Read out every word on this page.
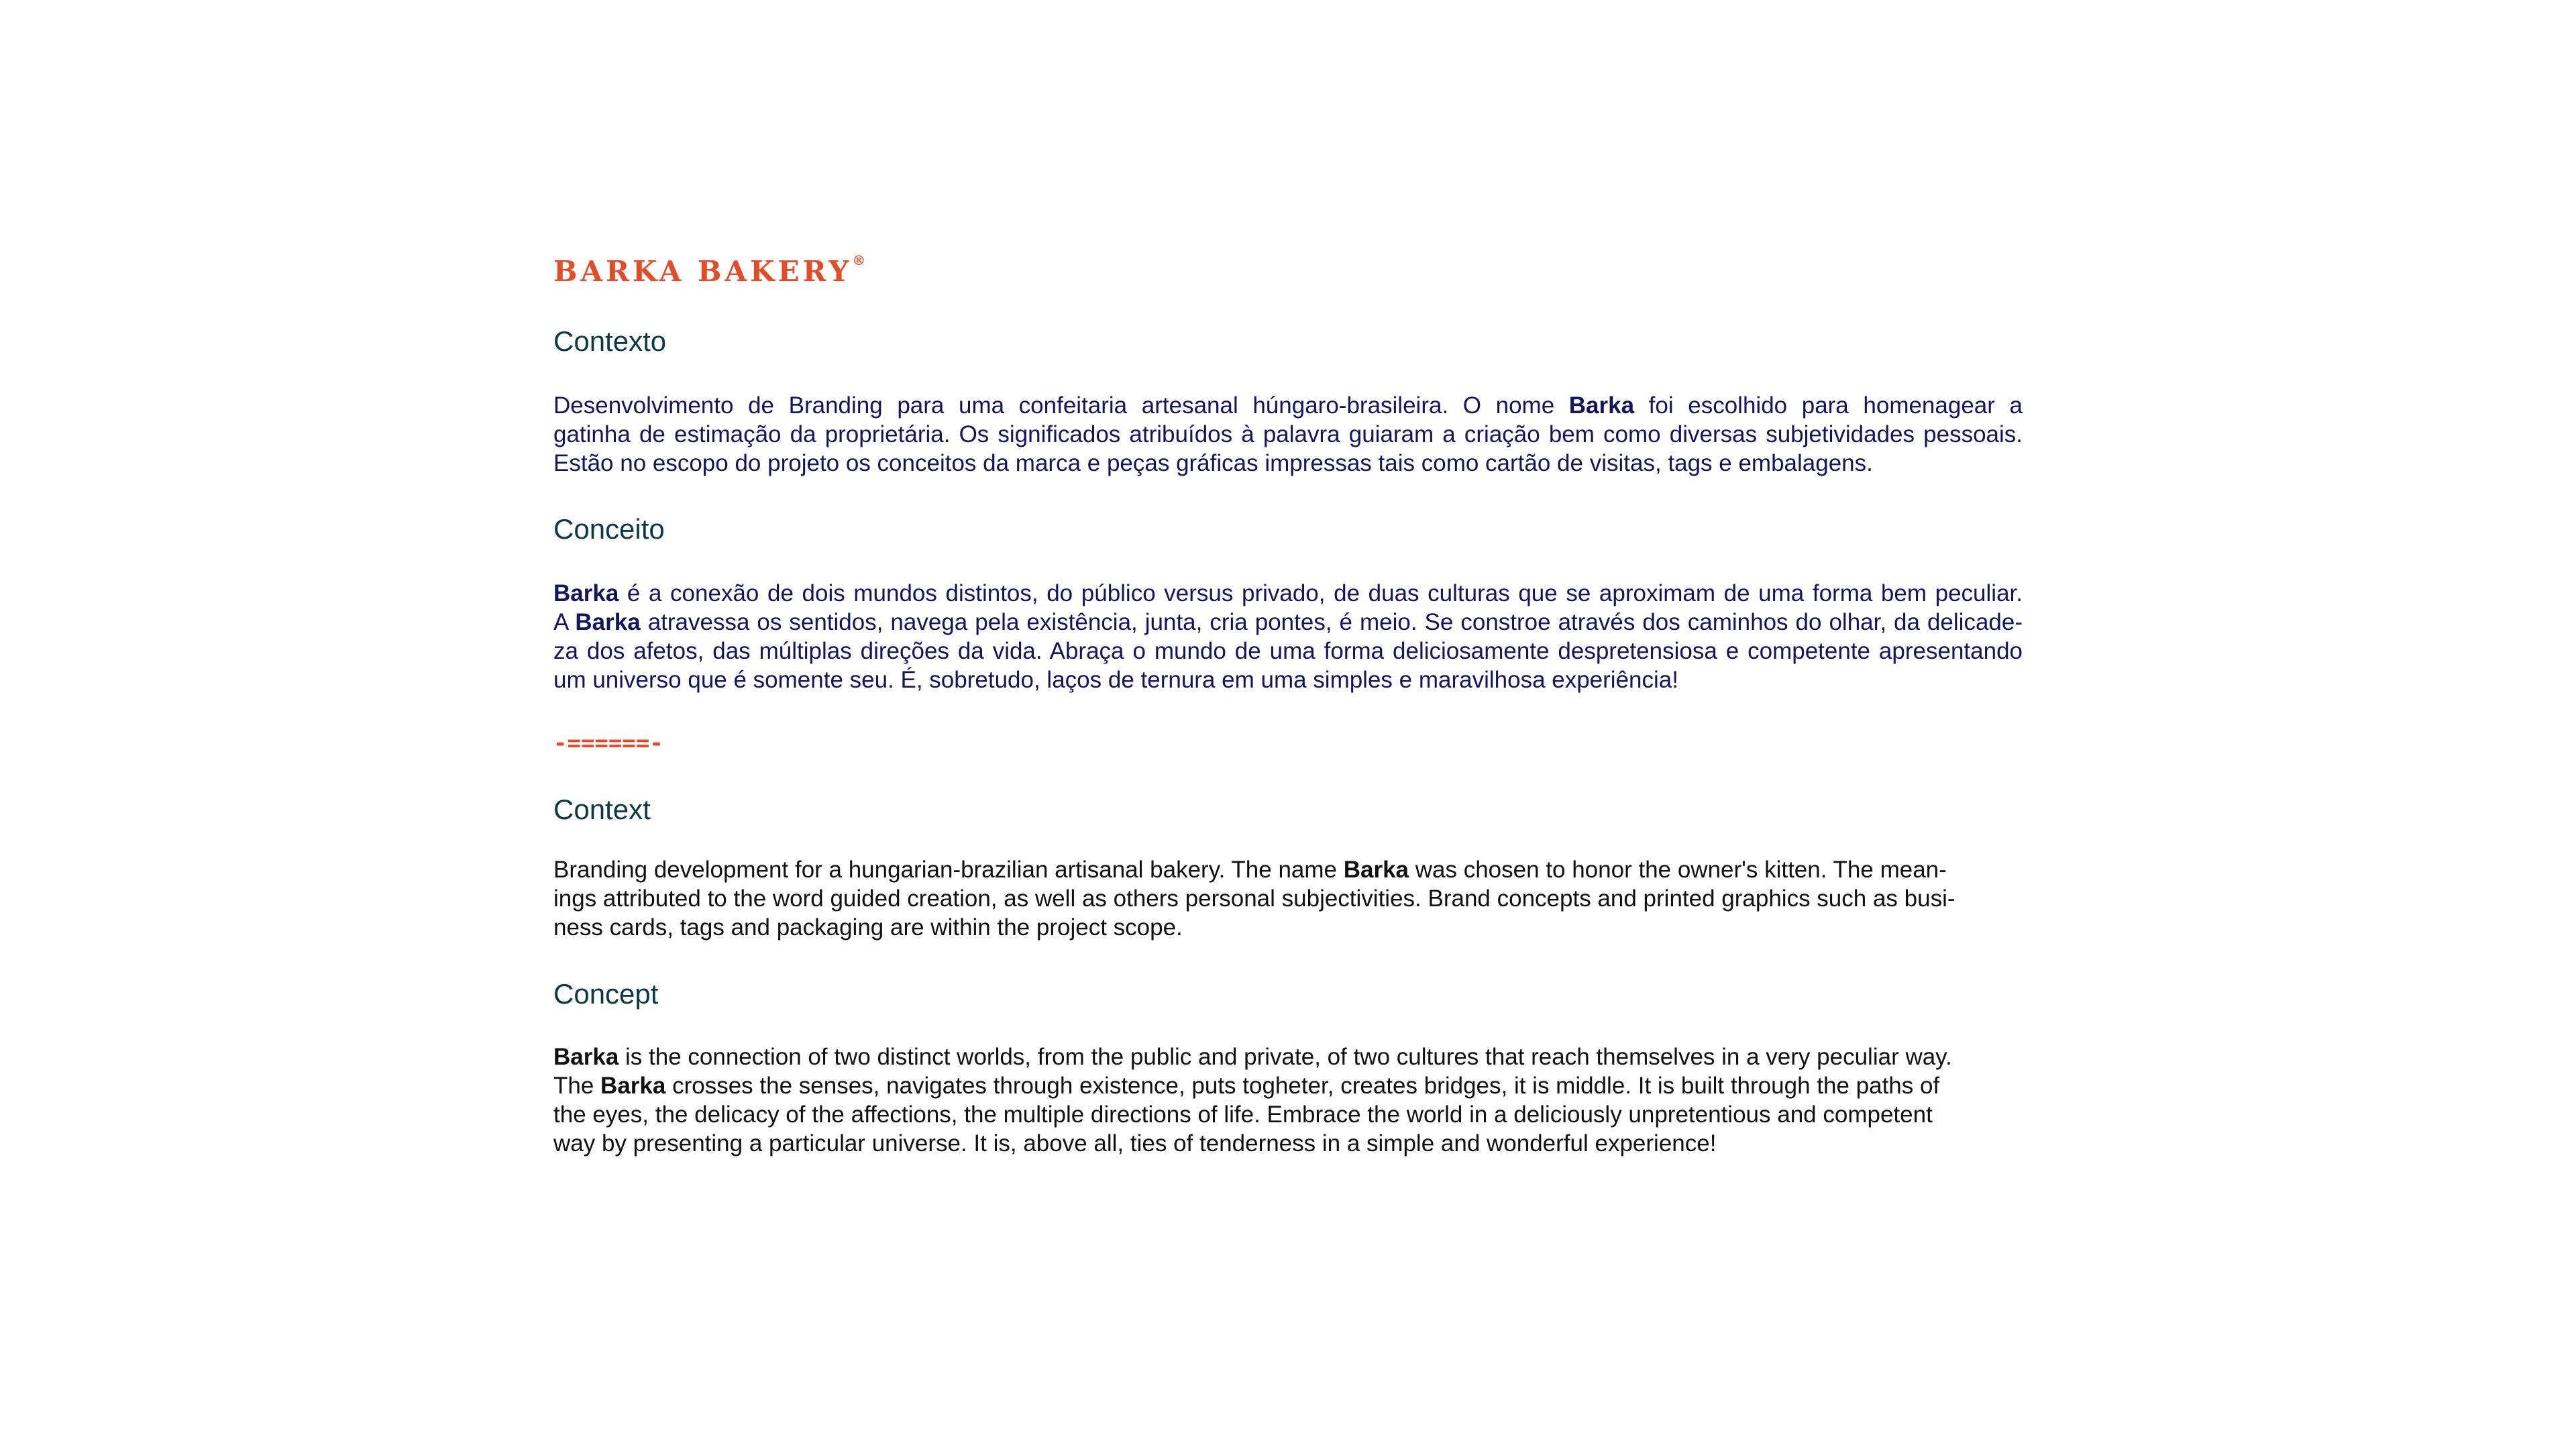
BARKA BAKERY®
Contexto
Desenvolvimento de Branding para uma confeitaria artesanal húngaro-brasileira. O nome Barka foi escolhido para homenagear a
gatinha de estimação da proprietária. Os significados atribuídos à palavra guiaram a criação bem como diversas subjetividades pessoais.
Estão no escopo do projeto os conceitos da marca e peças gráficas impressas tais como cartão de visitas, tags e embalagens.
Conceito
Barka é a conexão de dois mundos distintos, do público versus privado, de duas culturas que se aproximam de uma forma bem peculiar.
A Barka atravessa os sentidos, navega pela existência, junta, cria pontes, é meio. Se constroe através dos caminhos do olhar, da delicade-
za dos afetos, das múltiplas direções da vida. Abraça o mundo de uma forma deliciosamente despretensiosa e competente apresentando
um universo que é somente seu. É, sobretudo, laços de ternura em uma simples e maravilhosa experiência!
-======-
Context
Branding development for a hungarian-brazilian artisanal bakery. The name Barka was chosen to honor the owner's kitten. The mean-
ings attributed to the word guided creation, as well as others personal subjectivities. Brand concepts and printed graphics such as busi-
ness cards, tags and packaging are within the project scope.
Concept
Barka is the connection of two distinct worlds, from the public and private, of two cultures that reach themselves in a very peculiar way.
The Barka crosses the senses, navigates through existence, puts togheter, creates bridges, it is middle. It is built through the paths of
the eyes, the delicacy of the affections, the multiple directions of life. Embrace the world in a deliciously unpretentious and competent
way by presenting a particular universe. It is, above all, ties of tenderness in a simple and wonderful experience!
